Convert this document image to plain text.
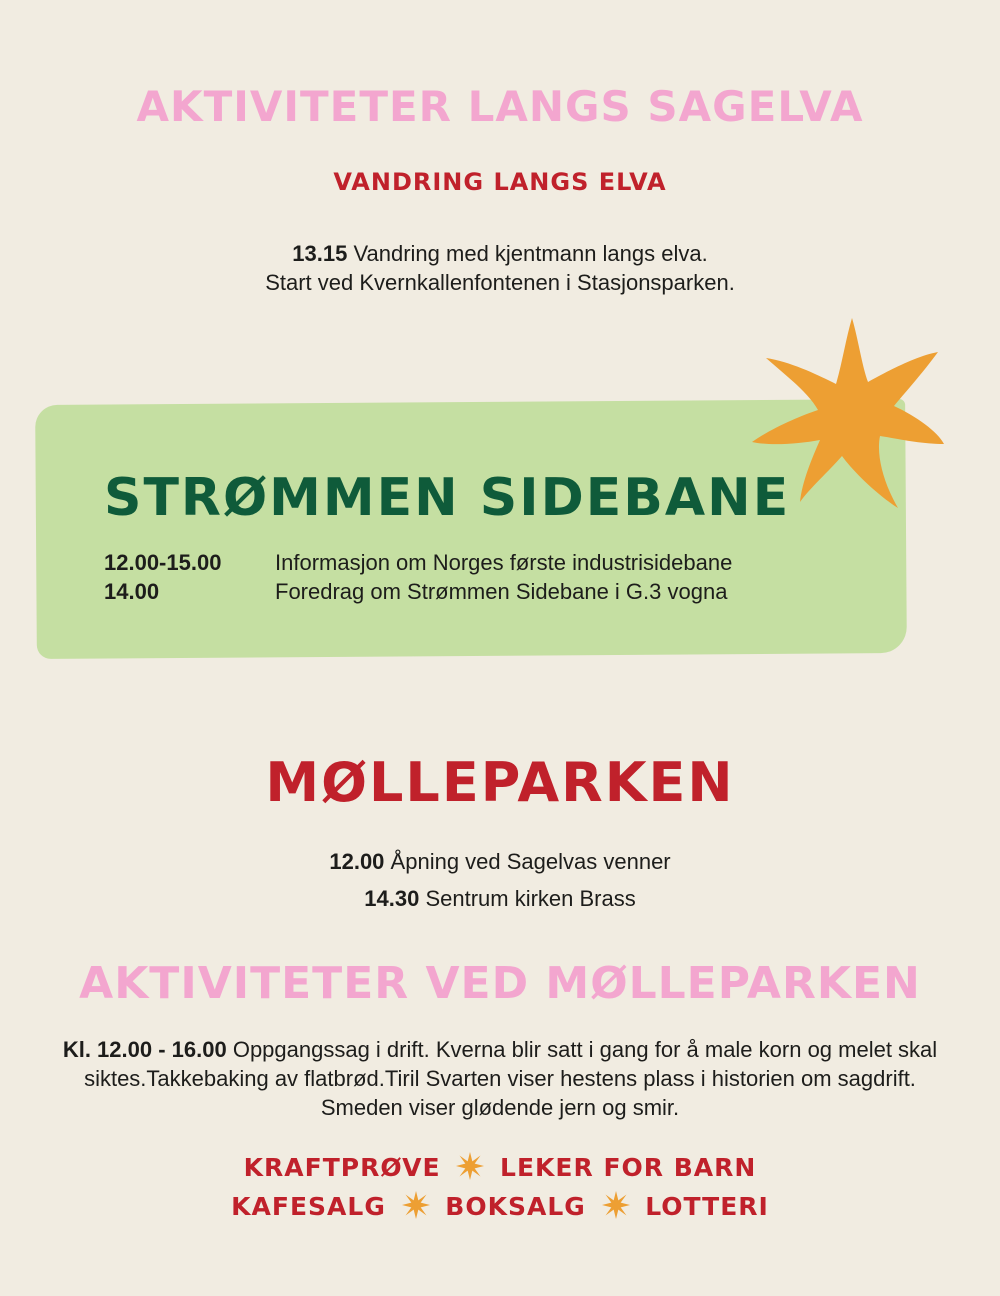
AKTIVITETER LANGS SAGELVA
VANDRING LANGS ELVA

13.15 Vandring med kjentmann langs elva.
Start ved Kvernkallenfontenen i Stasjonsparken.

STRØMMEN SIDEBANE
12.00-15.00 Informasjon om Norges første industrisidebane
14.00	Foredrag om Strømmen Sidebane i G.3 vogna
MØLLEPARKEN

12.00 Åpning ved Sagelvas venner

14.30 Sentrum kirken Brass

AKTIVITETER VED MØLLEPARKEN

Kl. 12.00 - 16.00 Oppgangssag i drift. Kverna blir satt i gang for å male korn og melet skal siktes.Takkebaking av flatbrød.Tiril Svarten viser hestens plass i historien om sagdrift. Smeden viser glødende jern og smir.

KRAFTPRØVE LEKER FOR BARN
KAFESALG BOKSALG LOTTERI
